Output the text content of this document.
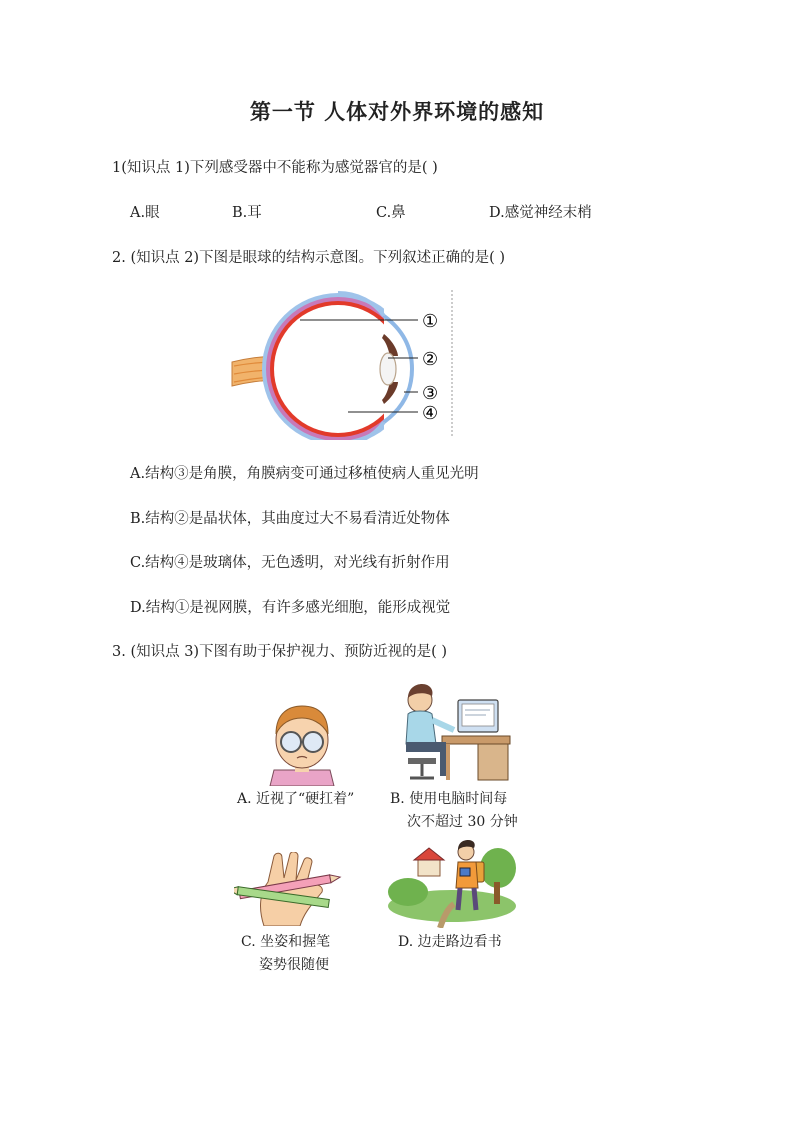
第一节 人体对外界环境的感知
1(知识点 1)下列感受器中不能称为感觉器官的是( )
A.眼	B.耳	C.鼻	D.感觉神经末梢
2. (知识点 2)下图是眼球的结构示意图。下列叙述正确的是( )
①
②
③
④
A.结构③是角膜，角膜病变可通过移植使病人重见光明
B.结构②是晶状体，其曲度过大不易看清近处物体
C.结构④是玻璃体，无色透明，对光线有折射作用
D.结构①是视网膜，有许多感光细胞，能形成视觉
3. (知识点 3)下图有助于保护视力、预防近视的是( )
A. 近视了“硬扛着”	B. 使用电脑时间每
次不超过 30 分钟
C. 坐姿和握笔
姿势很随便
D. 边走路边看书
